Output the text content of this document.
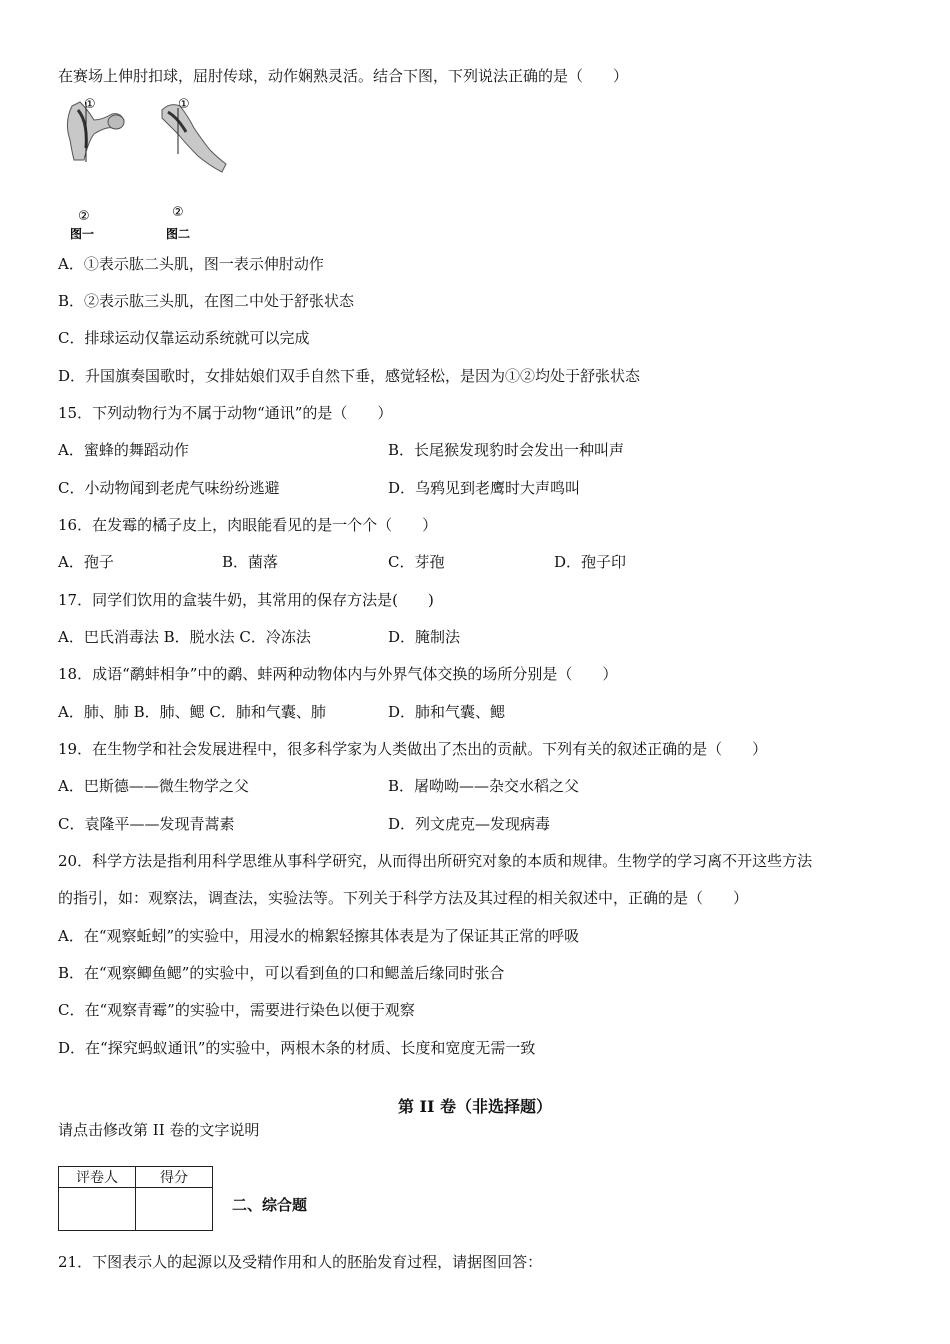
在赛场上伸肘扣球，屈肘传球，动作娴熟灵活。结合下图，下列说法正确的是（　　）
①
②
图一
①
②
图二
A．①表示肱二头肌，图一表示伸肘动作
B．②表示肱三头肌，在图二中处于舒张状态
C．排球运动仅靠运动系统就可以完成
D．升国旗奏国歌时，女排姑娘们双手自然下垂，感觉轻松，是因为①②均处于舒张状态
15．下列动物行为不属于动物“通讯”的是（　　）
A．蜜蜂的舞蹈动作	B．长尾猴发现豹时会发出一种叫声
C．小动物闻到老虎气味纷纷逃避	D．乌鸦见到老鹰时大声鸣叫
16．在发霉的橘子皮上，肉眼能看见的是一个个（　　）
A．孢子	B．菌落	C．芽孢	D．孢子印
17．同学们饮用的盒装牛奶，其常用的保存方法是(　　)
A．巴氏消毒法 B．脱水法 C．冷冻法	D．腌制法
18．成语“鹬蚌相争”中的鹬、蚌两种动物体内与外界气体交换的场所分别是（　　）
A．肺、肺 B．肺、鳃 C．肺和气囊、肺	D．肺和气囊、鳃
19．在生物学和社会发展进程中，很多科学家为人类做出了杰出的贡献。下列有关的叙述正确的是（　　）
A．巴斯德——微生物学之父	B．屠呦呦——杂交水稻之父
C．袁隆平——发现青蒿素	D．列文虎克—发现病毒
20．科学方法是指利用科学思维从事科学研究，从而得出所研究对象的本质和规律。生物学的学习离不开这些方法
的指引，如：观察法，调查法，实验法等。下列关于科学方法及其过程的相关叙述中，正确的是（　　）
A．在“观察蚯蚓”的实验中，用浸水的棉絮轻擦其体表是为了保证其正常的呼吸
B．在“观察鲫鱼鳃”的实验中，可以看到鱼的口和鳃盖后缘同时张合
C．在“观察青霉”的实验中，需要进行染色以便于观察
D．在“探究蚂蚁通讯”的实验中，两根木条的材质、长度和宽度无需一致
第 II 卷（非选择题）
请点击修改第 II 卷的文字说明
评卷人	得分

二、综合题
21．下图表示人的起源以及受精作用和人的胚胎发育过程，请据图回答：
